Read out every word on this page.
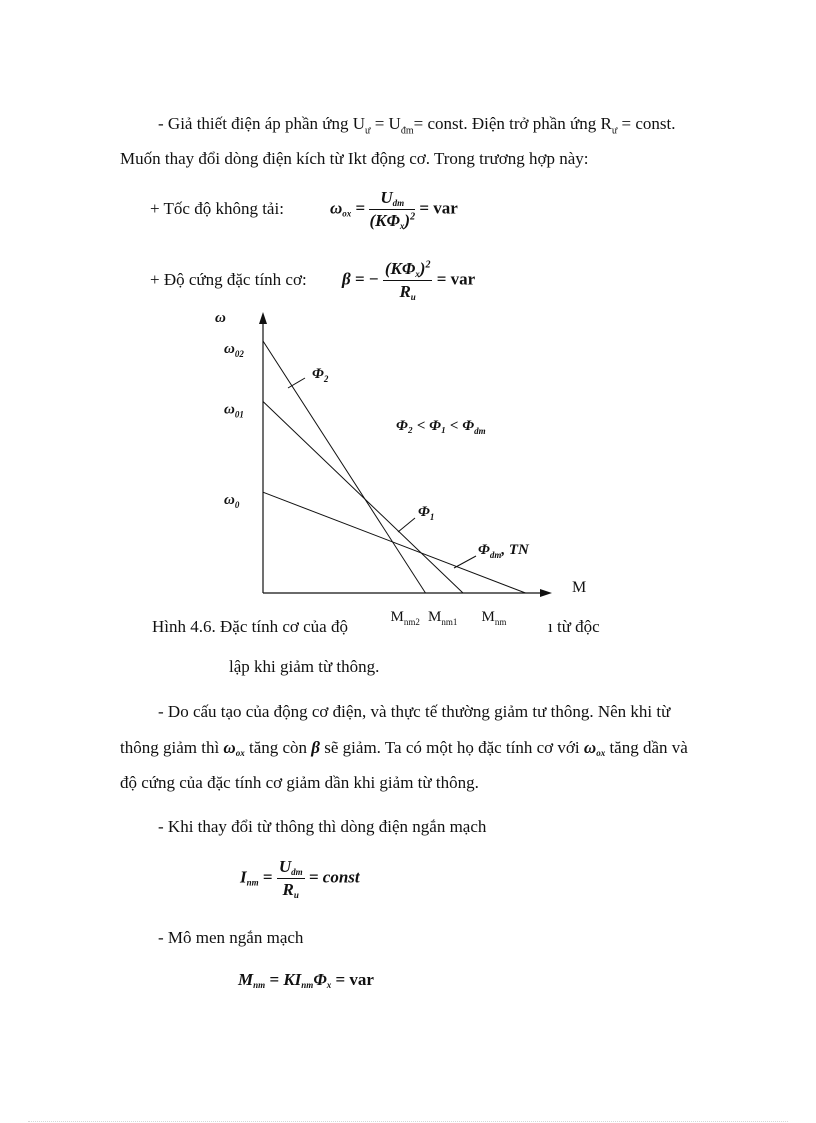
- Giả thiết điện áp phần ứng $U_ư = U_{đm}=$ const. Điện trở phần ứng $R_ư$ = const.
Muốn thay đổi dòng điện kích từ Ikt động cơ. Trong trương hợp này:
+ Tốc độ không tải:	$\omega_{ox} = \frac{U_{dm}}{(K\Phi_x)^2}$ = var
+ Độ cứng đặc tính cơ: β = − $\frac{(K\Phi_x)^2}{R_u}$ = var
ω
M
$\omega_{02}$
$\omega_{01}$
$\omega_0$
$M_{nm2}$ $M_{nm1}$ $M_{nm}$
$\Phi_2$
$\Phi_1$
$\Phi_{dm}$, TN
$\Phi_2 < \Phi_1 < \Phi_{dm}$
Hình 4.6. Đặc tính cơ của độ	ı từ độc
lập khi giảm từ thông.
- Do cấu tạo của động cơ điện, và thực tế thường giảm tư thông. Nên khi từ
thông giảm thì $\omega_{ox}$ tăng còn β sẽ giảm. Ta có một họ đặc tính cơ với $\omega_{ox}$ tăng dần và
độ cứng của đặc tính cơ giảm dần khi giảm từ thông.
- Khi thay đổi từ thông thì dòng điện ngắn mạch
$I_{nm} = \frac{U_{dm}}{R_u}$ = const
- Mô men ngắn mạch
$M_{nm} = KI_{nm}\Phi_x$ = var
